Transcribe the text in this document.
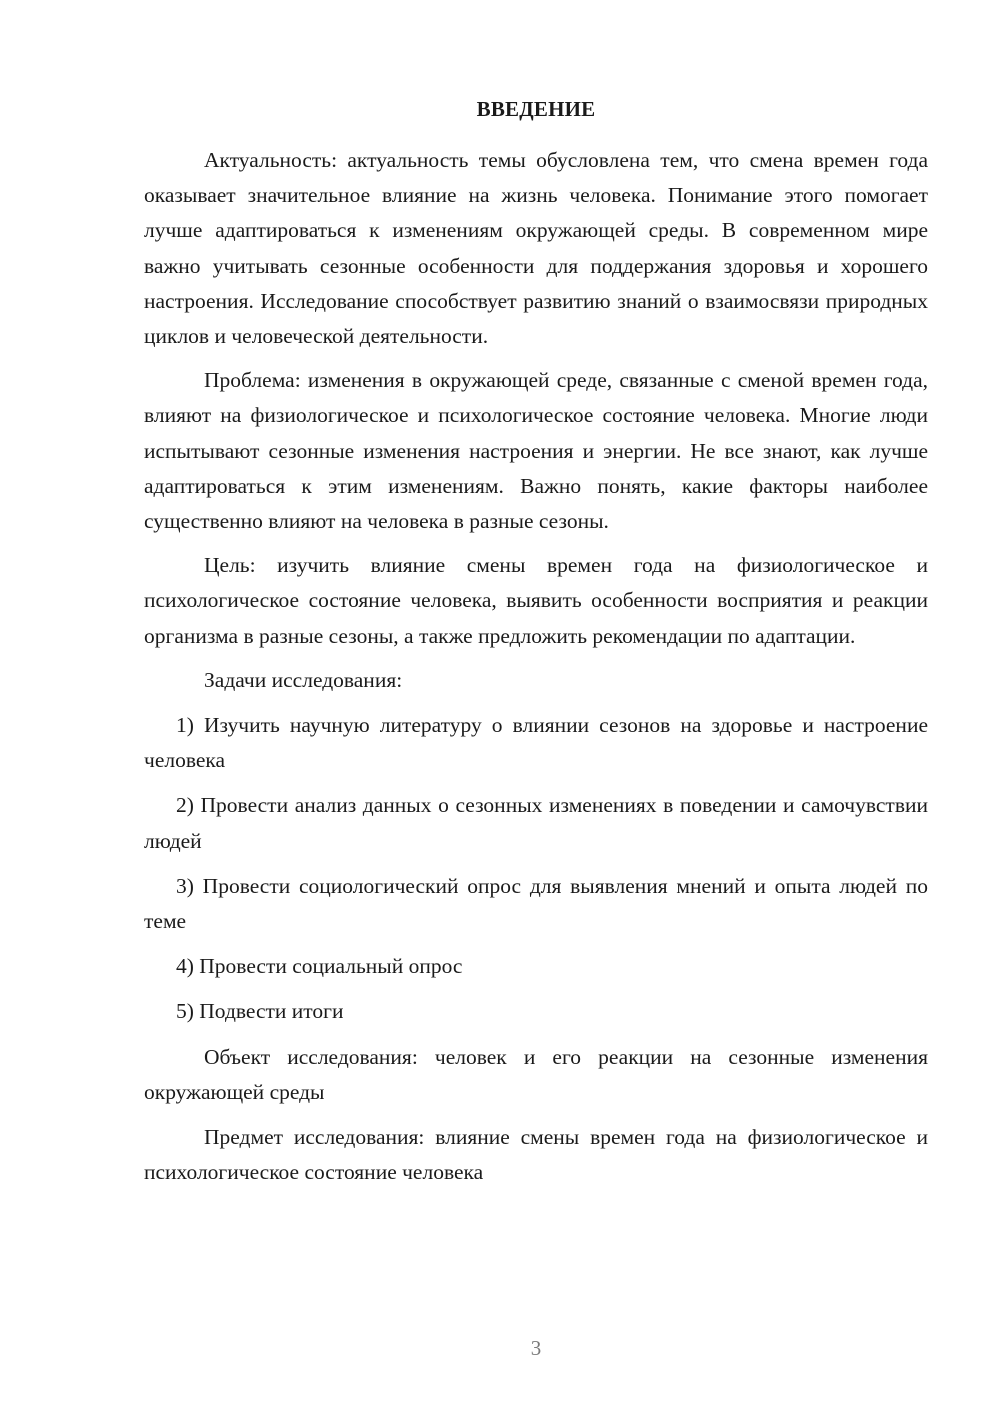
ВВЕДЕНИЕ

Актуальность: актуальность темы обусловлена тем, что смена времен года оказывает значительное влияние на жизнь человека. Понимание этого помогает лучше адаптироваться к изменениям окружающей среды. В современном мире важно учитывать сезонные особенности для поддержания здоровья и хорошего настроения. Исследование способствует развитию знаний о взаимосвязи природных циклов и человеческой деятельности.

Проблема: изменения в окружающей среде, связанные с сменой времен года, влияют на физиологическое и психологическое состояние человека. Многие люди испытывают сезонные изменения настроения и энергии. Не все знают, как лучше адаптироваться к этим изменениям. Важно понять, какие факторы наиболее существенно влияют на человека в разные сезоны.

Цель: изучить влияние смены времен года на физиологическое и психологическое состояние человека, выявить особенности восприятия и реакции организма в разные сезоны, а также предложить рекомендации по адаптации.

Задачи исследования:

1) Изучить научную литературу о влиянии сезонов на здоровье и настроение человека

2) Провести анализ данных о сезонных изменениях в поведении и самочувствии людей

3) Провести социологический опрос для выявления мнений и опыта людей по теме

4) Провести социальный опрос

5) Подвести итоги

Объект исследования: человек и его реакции на сезонные изменения окружающей среды

Предмет исследования: влияние смены времен года на физиологическое и психологическое состояние человека

3
